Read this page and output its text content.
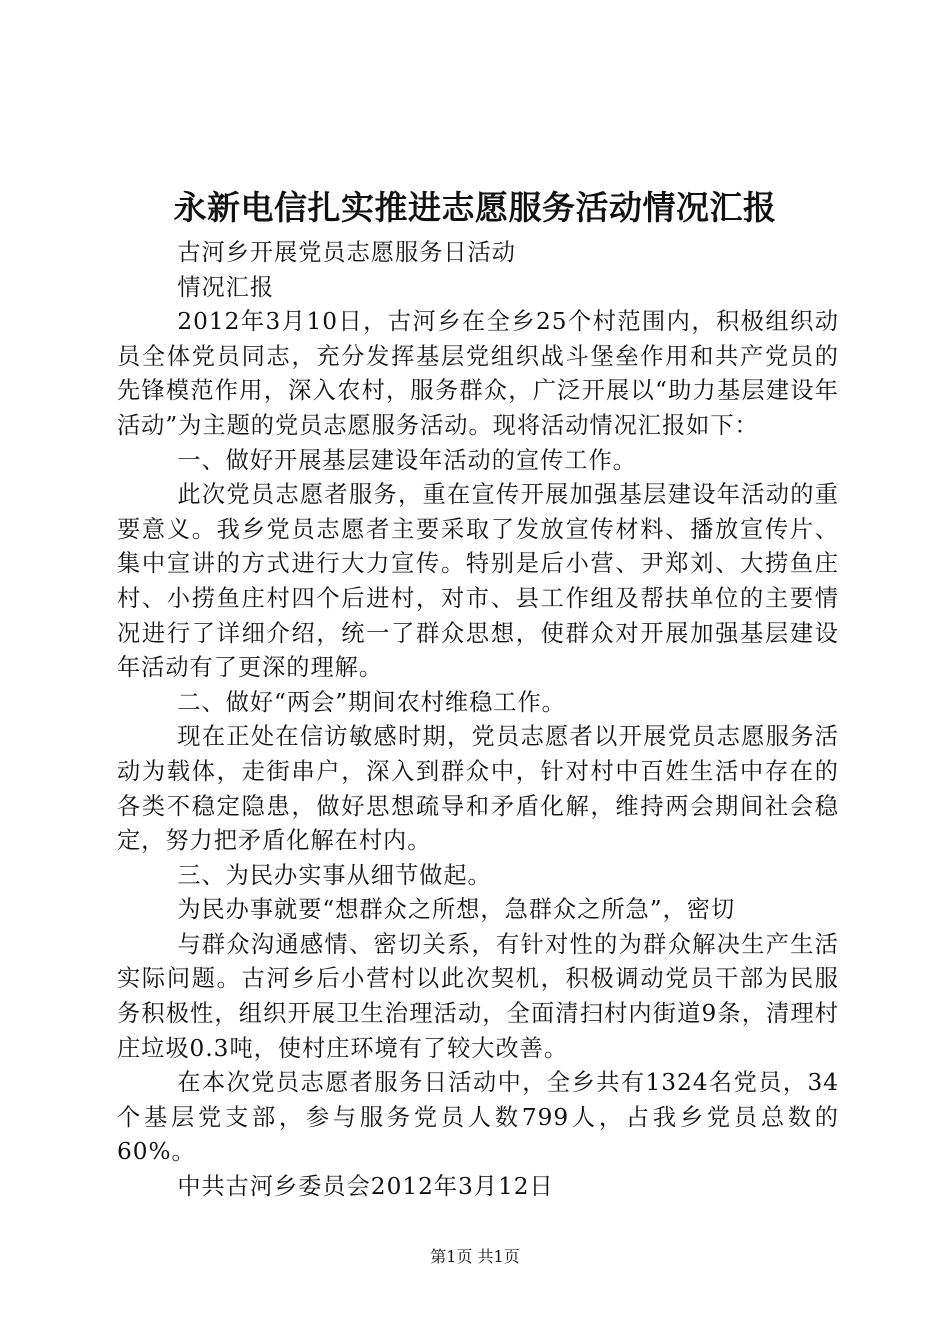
永新电信扎实推进志愿服务活动情况汇报

古河乡开展党员志愿服务日活动

情况汇报

2012年3月10日，古河乡在全乡25个村范围内，积极组织动员全体党员同志，充分发挥基层党组织战斗堡垒作用和共产党员的先锋模范作用，深入农村，服务群众，广泛开展以“助力基层建设年活动”为主题的党员志愿服务活动。现将活动情况汇报如下：

一、做好开展基层建设年活动的宣传工作。

此次党员志愿者服务，重在宣传开展加强基层建设年活动的重要意义。我乡党员志愿者主要采取了发放宣传材料、播放宣传片、集中宣讲的方式进行大力宣传。特别是后小营、尹郑刘、大捞鱼庄村、小捞鱼庄村四个后进村，对市、县工作组及帮扶单位的主要情况进行了详细介绍，统一了群众思想，使群众对开展加强基层建设年活动有了更深的理解。

二、做好“两会”期间农村维稳工作。

现在正处在信访敏感时期，党员志愿者以开展党员志愿服务活动为载体，走街串户，深入到群众中，针对村中百姓生活中存在的各类不稳定隐患，做好思想疏导和矛盾化解，维持两会期间社会稳定，努力把矛盾化解在村内。

三、为民办实事从细节做起。

为民办事就要“想群众之所想，急群众之所急”，密切

与群众沟通感情、密切关系，有针对性的为群众解决生产生活实际问题。古河乡后小营村以此次契机，积极调动党员干部为民服务积极性，组织开展卫生治理活动，全面清扫村内街道9条，清理村庄垃圾0.3吨，使村庄环境有了较大改善。

在本次党员志愿者服务日活动中，全乡共有1324名党员，34个基层党支部，参与服务党员人数799人，占我乡党员总数的60%。

中共古河乡委员会2012年3月12日

第1页 共1页
